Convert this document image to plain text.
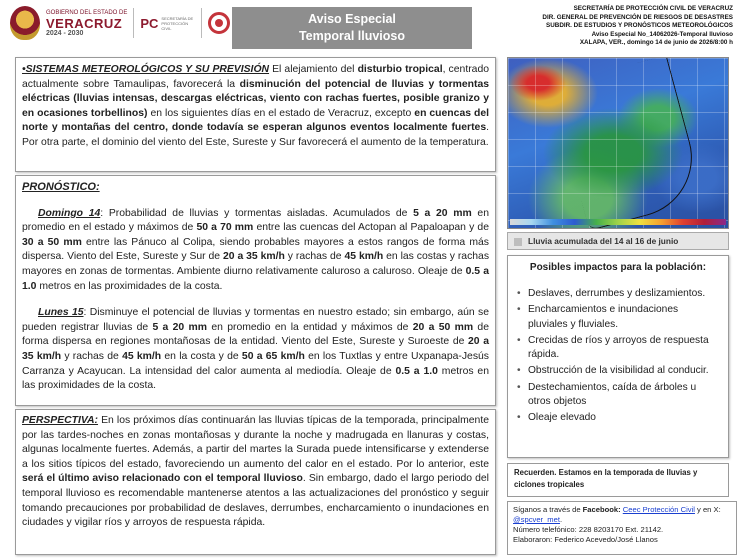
GOBIERNO DEL ESTADO DE
VERACRUZ
2024 - 2030
PC SECRETARÍA DE PROTECCIÓN CIVIL
Aviso Especial
Temporal lluvioso
SECRETARÍA DE PROTECCIÓN CIVIL DE VERACRUZ
DIR. GENERAL DE PREVENCIÓN DE RIESGOS DE DESASTRES
SUBDIR. DE ESTUDIOS Y PRONÓSTICOS METEOROLÓGICOS
Aviso Especial No_14062026-Temporal lluvioso
XALAPA, VER., domingo 14 de junio de 2026/8:00 h
•SISTEMAS METEOROLÓGICOS Y SU PREVISIÓN El alejamiento del disturbio tropical, centrado actualmente sobre Tamaulipas, favorecerá la disminución del potencial de lluvias y tormentas eléctricas (lluvias intensas, descargas eléctricas, viento con rachas fuertes, posible granizo y en ocasiones torbellinos) en los siguientes días en el estado de Veracruz, excepto en cuencas del norte y montañas del centro, donde todavía se esperan algunos eventos localmente fuertes. Por otra parte, el dominio del viento del Este, Sureste y Sur favorecerá el aumento de la temperatura.
PRONÓSTICO:
Domingo 14: Probabilidad de lluvias y tormentas aisladas. Acumulados de 5 a 20 mm en promedio en el estado y máximos de 50 a 70 mm entre las cuencas del Actopan al Papaloapan y de 30 a 50 mm entre las Pánuco al Colipa, siendo probables mayores a estos rangos de forma más dispersa. Viento del Este, Sureste y Sur de 20 a 35 km/h y rachas de 45 km/h en las costas y rachas mayores en zonas de tormentas. Ambiente diurno relativamente caluroso a caluroso. Oleaje de 0.5 a 1.0 metros en las proximidades de la costa.
Lunes 15: Disminuye el potencial de lluvias y tormentas en nuestro estado; sin embargo, aún se pueden registrar lluvias de 5 a 20 mm en promedio en la entidad y máximos de 20 a 50 mm de forma dispersa en regiones montañosas de la entidad. Viento del Este, Sureste y Suroeste de 20 a 35 km/h y rachas de 45 km/h en la costa y de 50 a 65 km/h en los Tuxtlas y entre Uxpanapa-Jesús Carranza y Acayucan. La intensidad del calor aumenta al mediodía. Oleaje de 0.5 a 1.0 metros en las proximidades de la costa.
PERSPECTIVA: En los próximos días continuarán las lluvias típicas de la temporada, principalmente por las tardes-noches en zonas montañosas y durante la noche y madrugada en llanuras y costas, algunas localmente fuertes. Además, a partir del martes la Surada puede intensificarse y extenderse a los sitios típicos del estado, favoreciendo un aumento del calor en el estado. Por lo anterior, este será el último aviso relacionado con el temporal lluvioso. Sin embargo, dado el largo periodo del temporal lluvioso es recomendable mantenerse atentos a las actualizaciones del pronóstico y seguir tomando precauciones por probabilidad de deslaves, derrumbes, encharcamiento o inundaciones en ciudades y vigilar ríos y arroyos de respuesta rápida.
Lluvia acumulada del 14 al 16 de junio
Posibles impactos para la población:
• Deslaves, derrumbes y deslizamientos.
• Encharcamientos e inundaciones pluviales y fluviales.
• Crecidas de ríos y arroyos de respuesta rápida.
• Obstrucción de la visibilidad al conducir.
• Destechamientos, caída de árboles u otros objetos
• Oleaje elevado
Recuerden. Estamos en la temporada de lluvias y ciclones tropicales
Síganos a través de Facebook: Ceec Protección Civil y en X: @spcver_met.
Número telefónico: 228 8203170 Ext. 21142.
Elaboraron: Federico Acevedo/José Llanos
